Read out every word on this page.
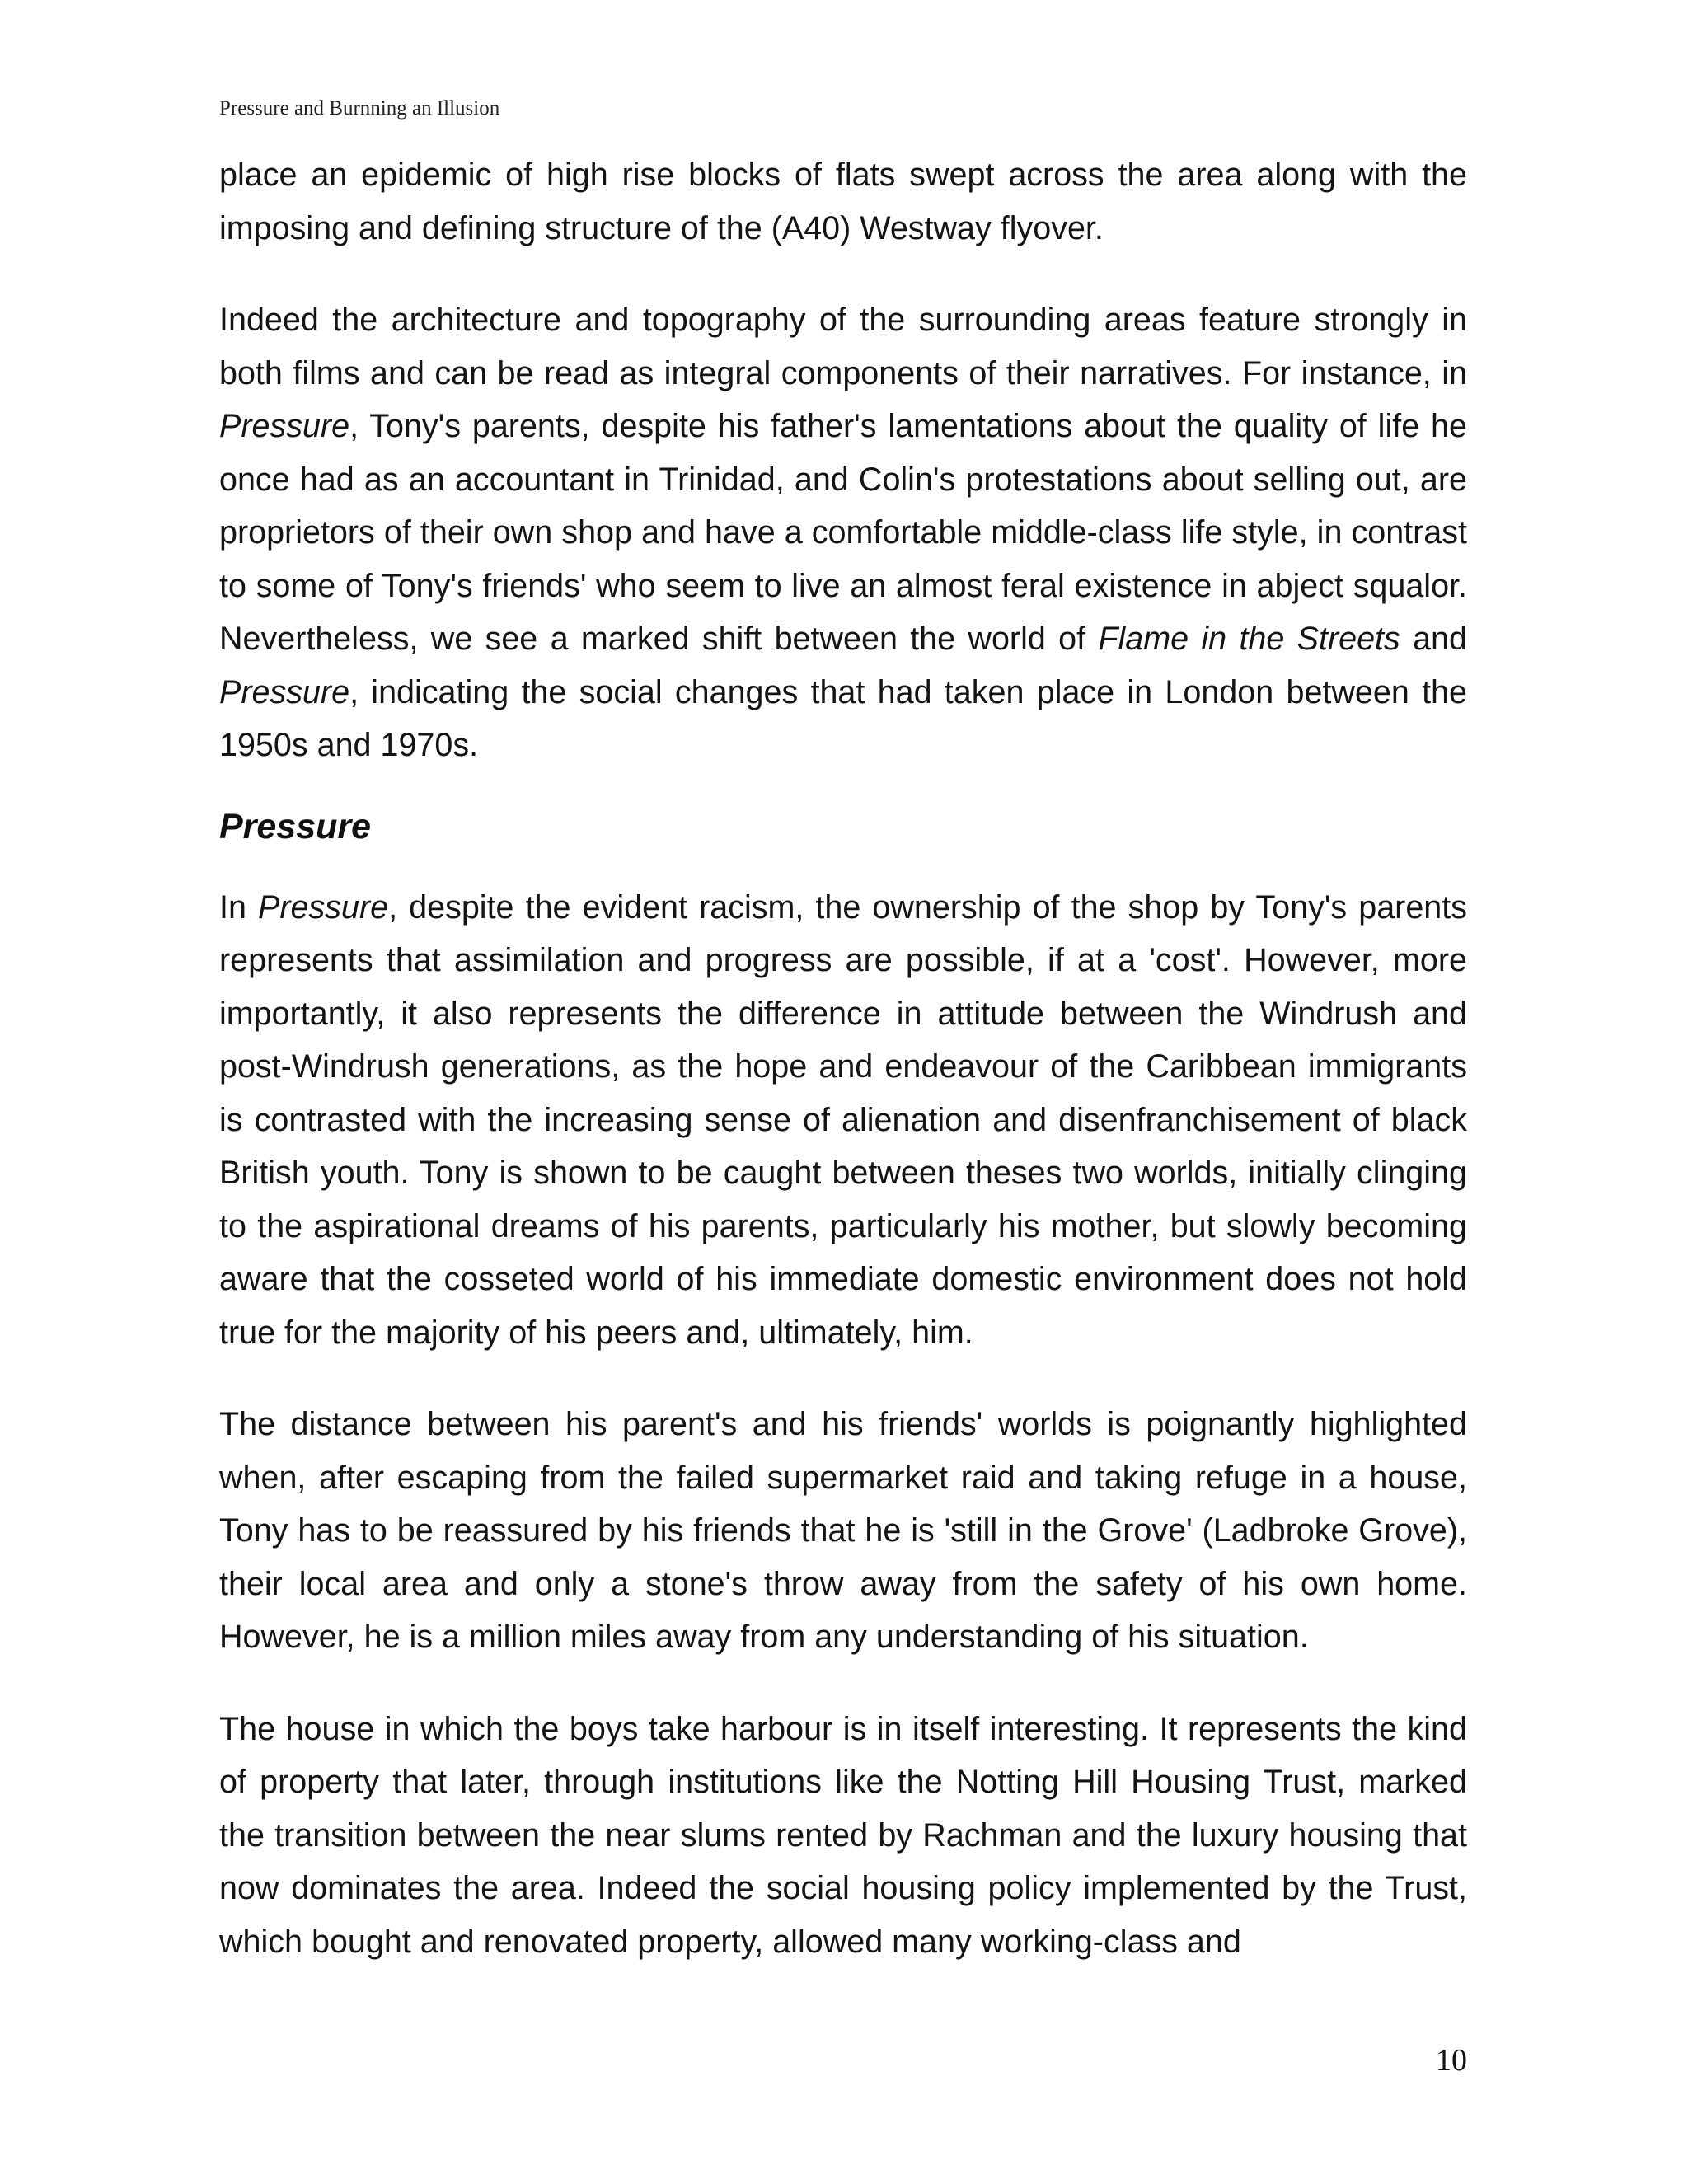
Pressure and Burnning an Illusion

place an epidemic of high rise blocks of flats swept across the area along with the imposing and defining structure of the (A40) Westway flyover.

Indeed the architecture and topography of the surrounding areas feature strongly in both films and can be read as integral components of their narratives. For instance, in Pressure, Tony's parents, despite his father's lamentations about the quality of life he once had as an accountant in Trinidad, and Colin's protestations about selling out, are proprietors of their own shop and have a comfortable middle-class life style, in contrast to some of Tony's friends' who seem to live an almost feral existence in abject squalor. Nevertheless, we see a marked shift between the world of Flame in the Streets and Pressure, indicating the social changes that had taken place in London between the 1950s and 1970s.

Pressure

In Pressure, despite the evident racism, the ownership of the shop by Tony's parents represents that assimilation and progress are possible, if at a 'cost'. However, more importantly, it also represents the difference in attitude between the Windrush and post-Windrush generations, as the hope and endeavour of the Caribbean immigrants is contrasted with the increasing sense of alienation and disenfranchisement of black British youth. Tony is shown to be caught between theses two worlds, initially clinging to the aspirational dreams of his parents, particularly his mother, but slowly becoming aware that the cosseted world of his immediate domestic environment does not hold true for the majority of his peers and, ultimately, him.

The distance between his parent's and his friends' worlds is poignantly highlighted when, after escaping from the failed supermarket raid and taking refuge in a house, Tony has to be reassured by his friends that he is 'still in the Grove' (Ladbroke Grove), their local area and only a stone's throw away from the safety of his own home. However, he is a million miles away from any understanding of his situation.

The house in which the boys take harbour is in itself interesting. It represents the kind of property that later, through institutions like the Notting Hill Housing Trust, marked the transition between the near slums rented by Rachman and the luxury housing that now dominates the area. Indeed the social housing policy implemented by the Trust, which bought and renovated property, allowed many working-class and

10
